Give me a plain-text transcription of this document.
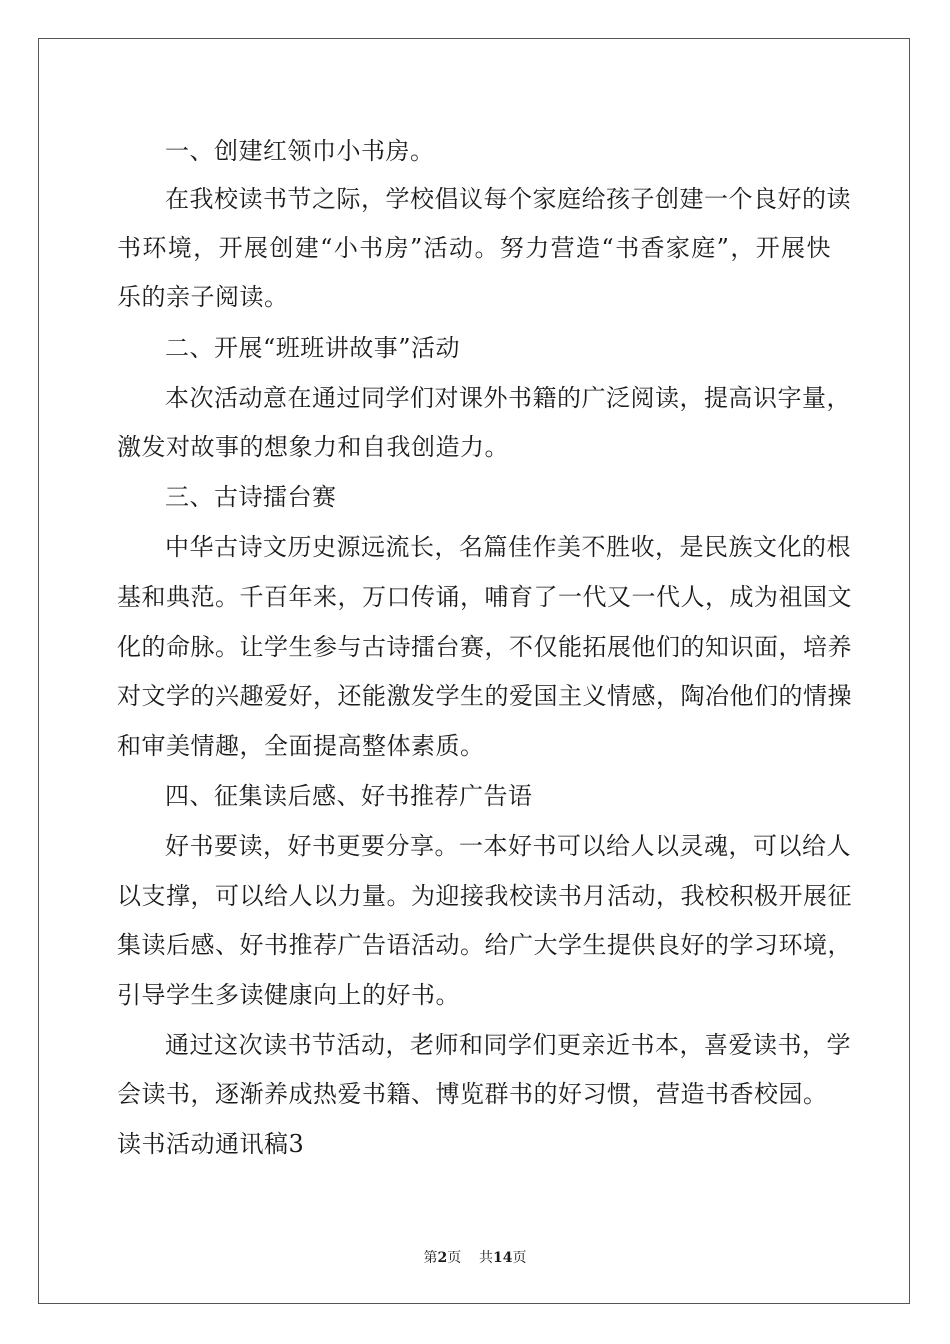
一、创建红领巾小书房。
在我校读书节之际，学校倡议每个家庭给孩子创建一个良好的读
书环境，开展创建“小书房”活动。努力营造“书香家庭”，开展快
乐的亲子阅读。
二、开展“班班讲故事”活动
本次活动意在通过同学们对课外书籍的广泛阅读，提高识字量，
激发对故事的想象力和自我创造力。
三、古诗擂台赛
中华古诗文历史源远流长，名篇佳作美不胜收，是民族文化的根
基和典范。千百年来，万口传诵，哺育了一代又一代人，成为祖国文
化的命脉。让学生参与古诗擂台赛，不仅能拓展他们的知识面，培养
对文学的兴趣爱好，还能激发学生的爱国主义情感，陶冶他们的情操
和审美情趣，全面提高整体素质。
四、征集读后感、好书推荐广告语
好书要读，好书更要分享。一本好书可以给人以灵魂，可以给人
以支撑，可以给人以力量。为迎接我校读书月活动，我校积极开展征
集读后感、好书推荐广告语活动。给广大学生提供良好的学习环境，
引导学生多读健康向上的好书。
通过这次读书节活动，老师和同学们更亲近书本，喜爱读书，学
会读书，逐渐养成热爱书籍、博览群书的好习惯，营造书香校园。
读书活动通讯稿3
第2页 共14页
